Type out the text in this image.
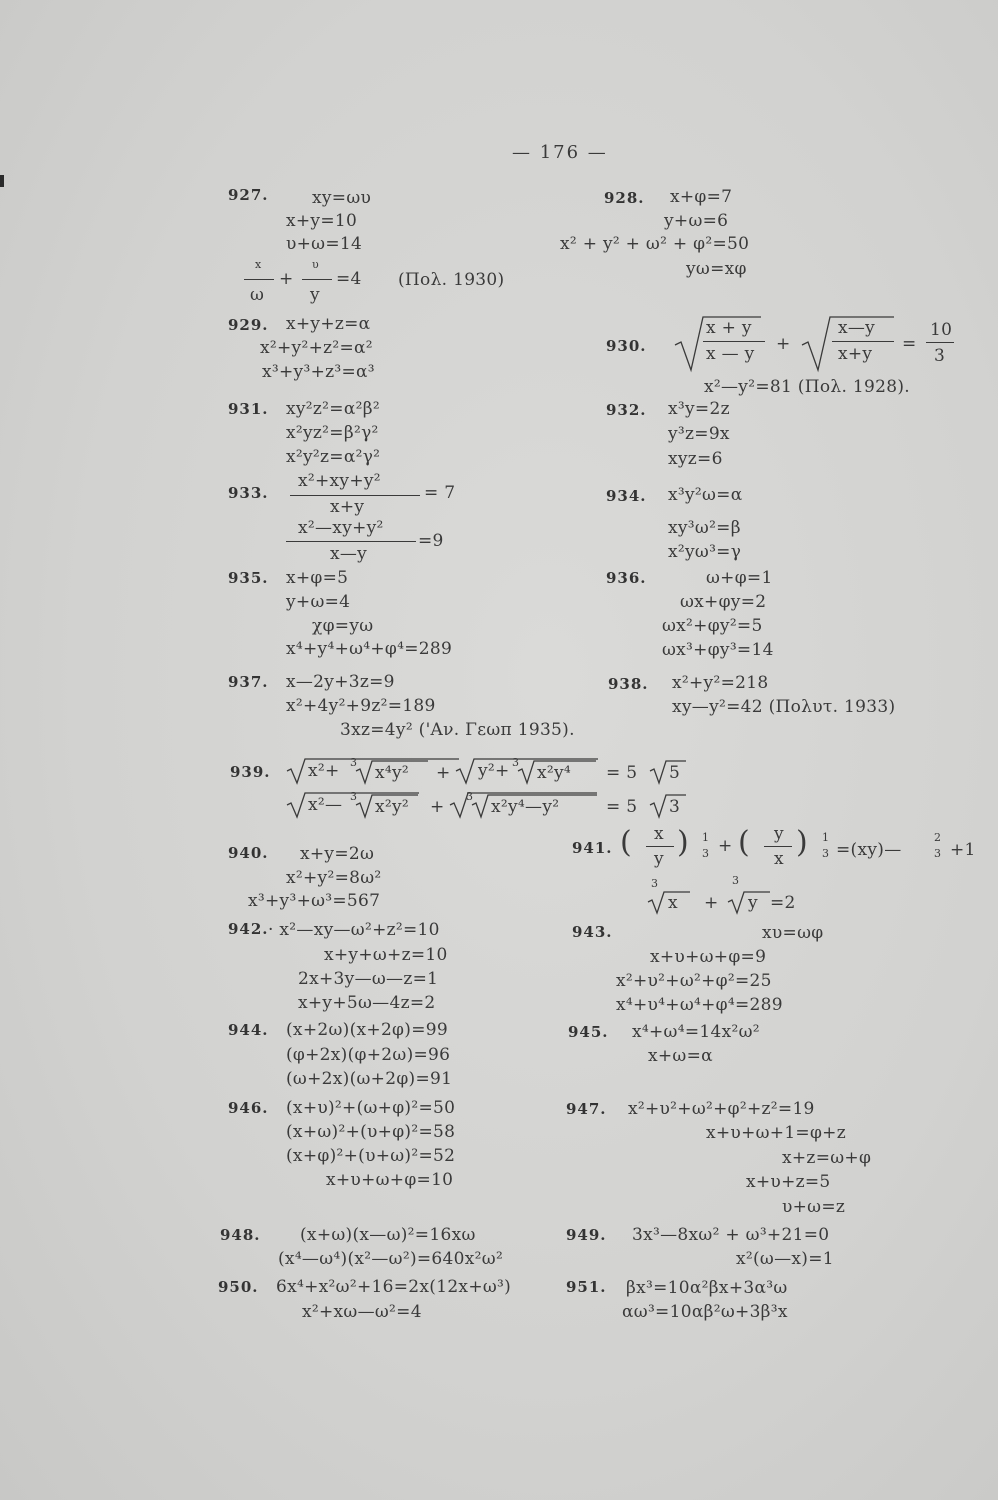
— 176 —
927.	xy=ωυ
x+y=10
υ+ω=14
x
ω
+
υ
y
=4 (Πολ. 1930)
928. x+φ=7
y+ω=6
x² + y² + ω² + φ²=50
yω=xφ
929. x+y+z=α
x²+y²+z²=α²
x³+y³+z³=α³
930.
x + y
x — y +
x—y
x+y =
10
3
x²—y²=81 (Πολ. 1928).
931. xy²z²=α²β²
x²yz²=β²γ²
x²y²z=α²γ²
932. x³y=2z
y³z=9x
xyz=6
933.
x²+xy+y²
x+y
= 7
x²—xy+y²
x—y
=9
934. x³y²ω=α
xy³ω²=β
x²yω³=γ
935. x+φ=5
y+ω=4
χφ=yω
x⁴+y⁴+ω⁴+φ⁴=289
936.	ω+φ=1
ωx+φy=2
ωx²+φy²=5
ωx³+φy³=14
937. x—2y+3z=9
x²+4y²+9z²=189
3xz=4y² ('Αν. Γεωπ 1935).
938. x²+y²=218
xy—y²=42 (Πολυτ. 1933)
939. x²+ 3
x⁴y² + y²+ 3
x²y⁴ = 5 5
x²— 3
x²y² +
3
x²y⁴—y²	= 5 3
940. x+y=2ω
x²+y²=8ω²
x³+y³+ω³=567
941. ( x
y ) 1
3 + ( y
x ) 1
3 =(xy)—
2
3 +1
3	3
x + y =2
942. · x²—xy—ω²+z²=10
x+y+ω+z=10
2x+3y—ω—z=1
x+y+5ω—4z=2
943.	xυ=ωφ
x+υ+ω+φ=9
x²+υ²+ω²+φ²=25
x⁴+υ⁴+ω⁴+φ⁴=289
944. (x+2ω)(x+2φ)=99
(φ+2x)(φ+2ω)=96
(ω+2x)(ω+2φ)=91
945. x⁴+ω⁴=14x²ω²
x+ω=α
946. (x+υ)²+(ω+φ)²=50
(x+ω)²+(υ+φ)²=58
(x+φ)²+(υ+ω)²=52
x+υ+ω+φ=10
947. x²+υ²+ω²+φ²+z²=19
x+υ+ω+1=φ+z
x+z=ω+φ
x+υ+z=5
υ+ω=z
948. (x+ω)(x—ω)²=16xω
(x⁴—ω⁴)(x²—ω²)=640x²ω²
949. 3x³—8xω² + ω³+21=0
x²(ω—x)=1
950. 6x⁴+x²ω²+16=2x(12x+ω³)
x²+xω—ω²=4
951. βx³=10α²βx+3α³ω
αω³=10αβ²ω+3β³x
